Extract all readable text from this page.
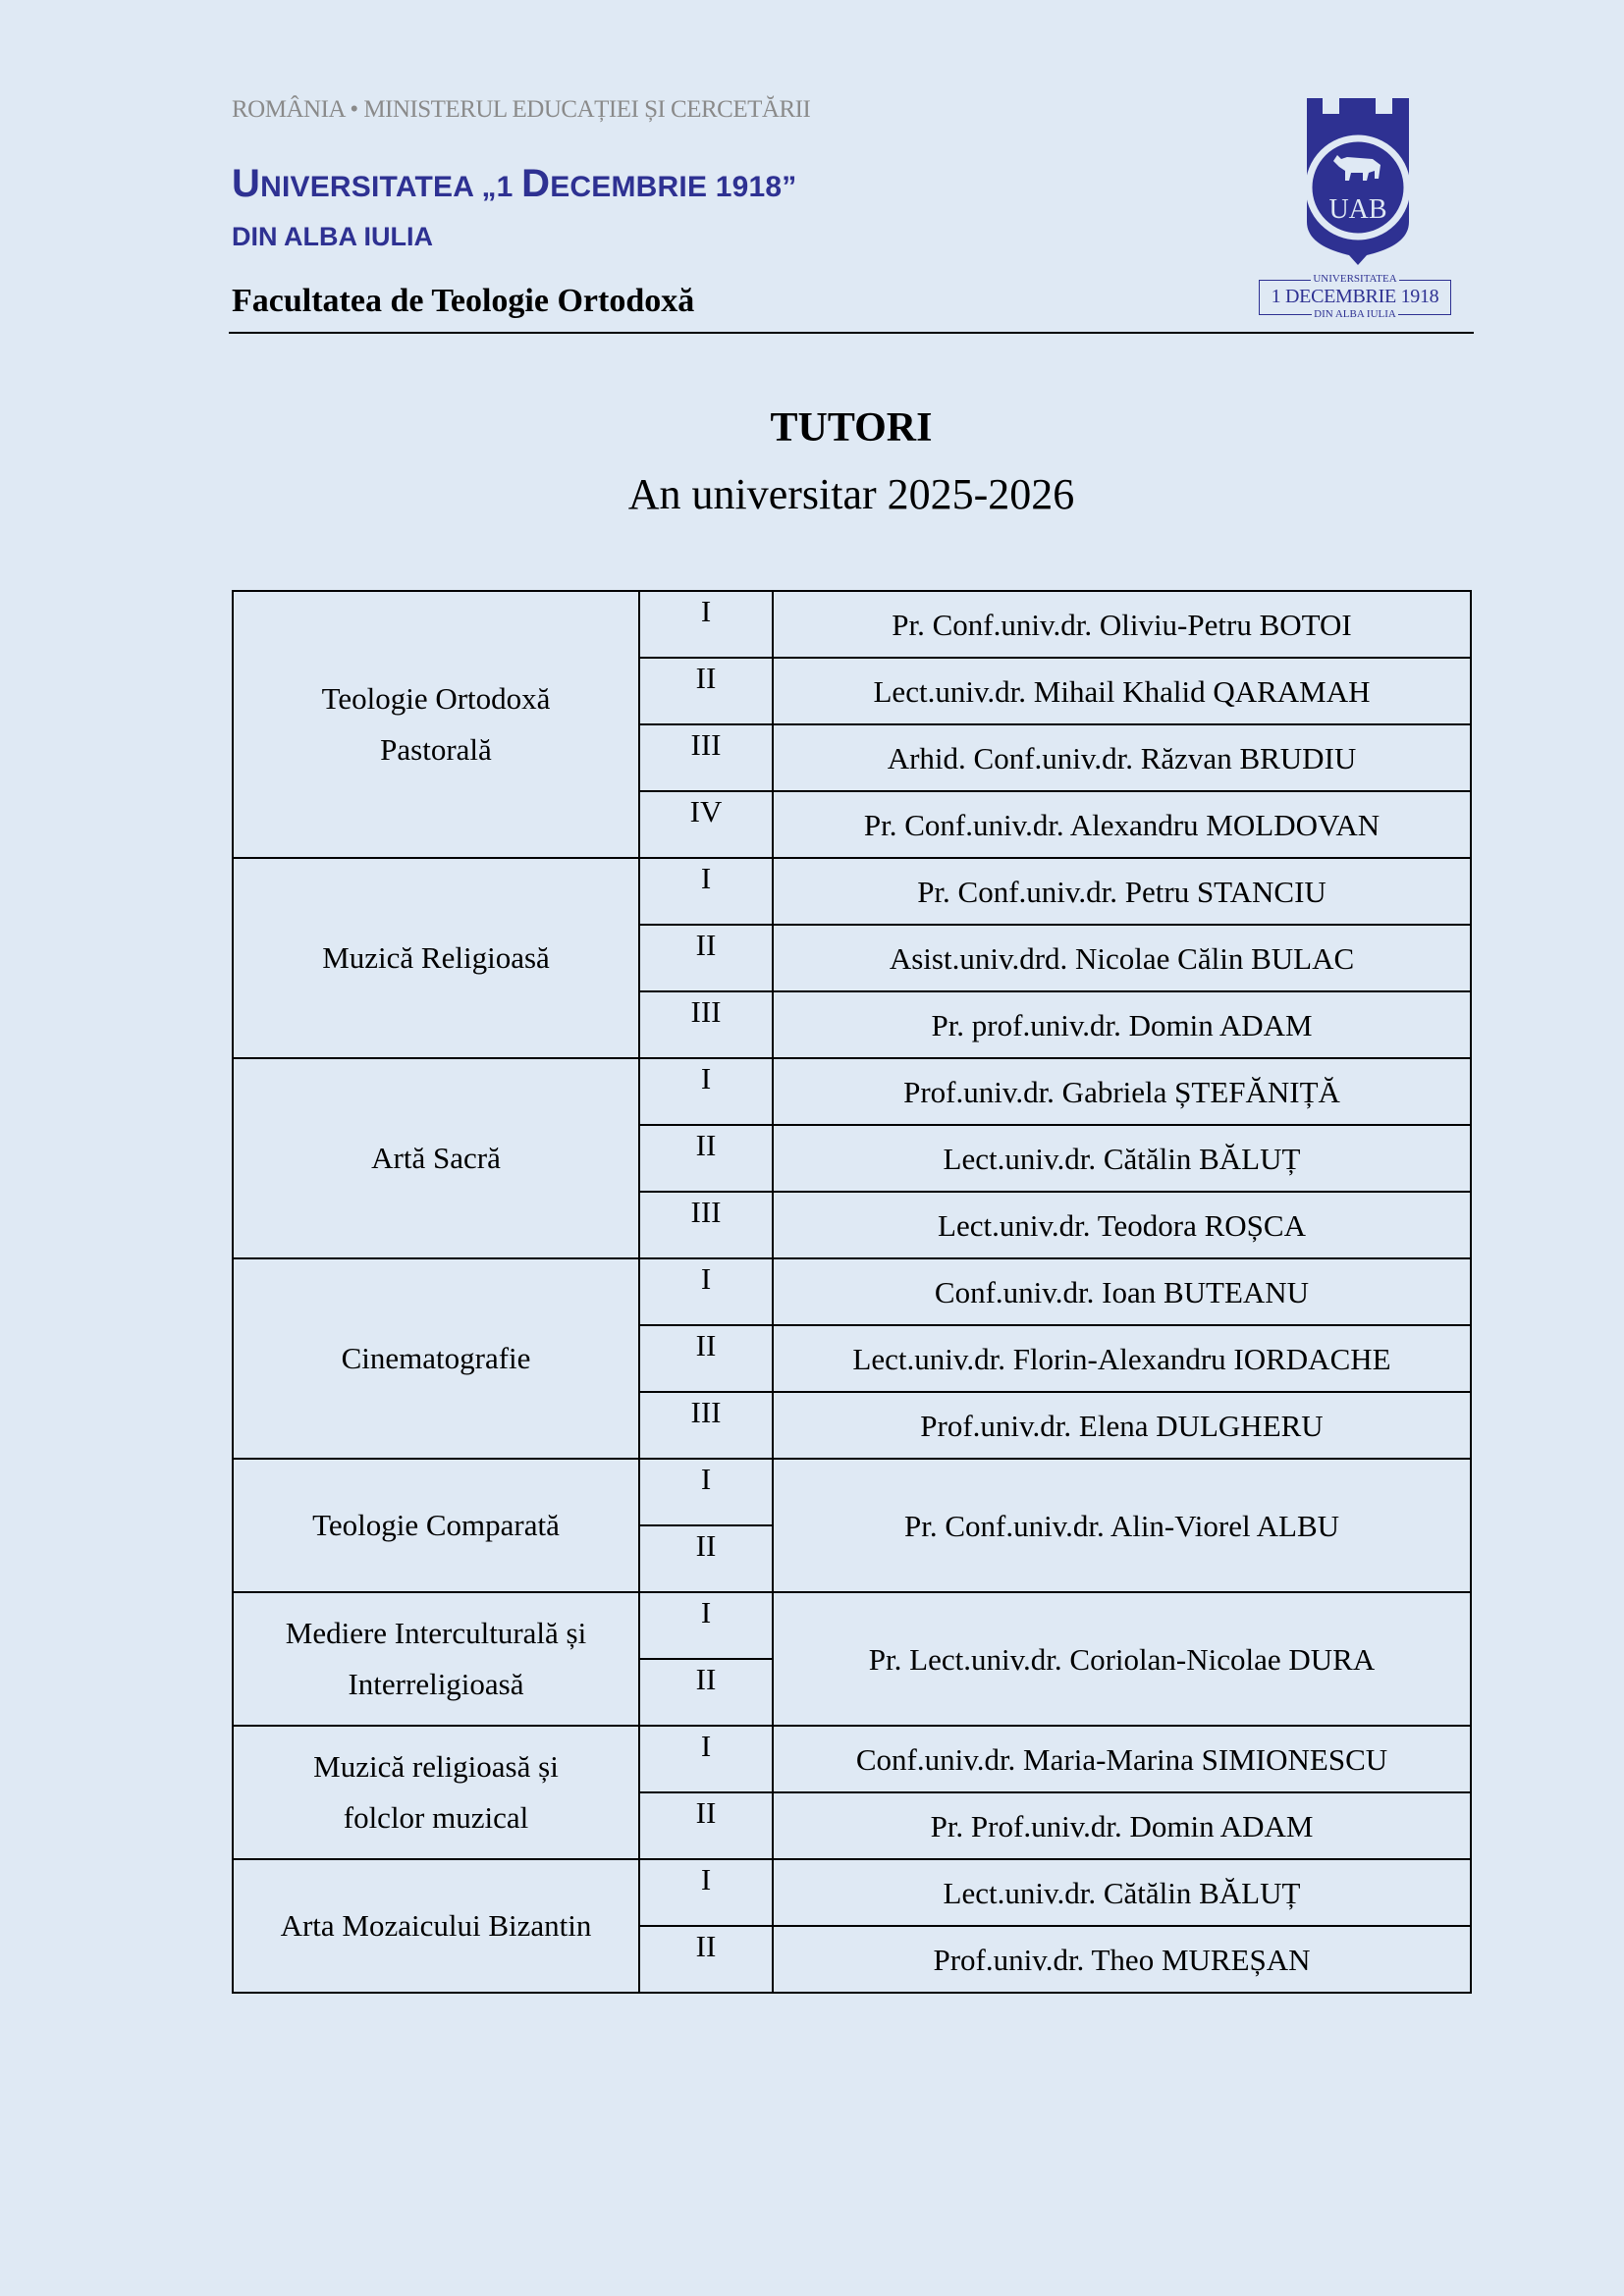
ROMÂNIA • MINISTERUL EDUCAȚIEI ȘI CERCETĂRII
UNIVERSITATEA „1 DECEMBRIE 1918”
DIN ALBA IULIA
Facultatea de Teologie Ortodoxă
UAB
UNIVERSITATEA
1 DECEMBRIE 1918
DIN ALBA IULIA
TUTORI
An universitar 2025-2026
Teologie Ortodoxă
Pastorală	I	Pr. Conf.univ.dr. Oliviu-Petru BOTOI
	II	Lect.univ.dr. Mihail Khalid QARAMAH
	III	Arhid. Conf.univ.dr. Răzvan BRUDIU
	IV	Pr. Conf.univ.dr. Alexandru MOLDOVAN

Muzică Religioasă	I	Pr. Conf.univ.dr. Petru STANCIU
	II	Asist.univ.drd. Nicolae Călin BULAC
	III	Pr. prof.univ.dr. Domin ADAM

Artă Sacră	I	Prof.univ.dr. Gabriela ȘTEFĂNIȚĂ
	II	Lect.univ.dr. Cătălin BĂLUȚ
	III	Lect.univ.dr. Teodora ROȘCA

Cinematografie	I	Conf.univ.dr. Ioan BUTEANU
	II	Lect.univ.dr. Florin-Alexandru IORDACHE
	III	Prof.univ.dr. Elena DULGHERU

Teologie Comparată	I	Pr. Conf.univ.dr. Alin-Viorel ALBU
	II	

Mediere Interculturală și
Interreligioasă	I	Pr. Lect.univ.dr. Coriolan-Nicolae DURA
	II	

Muzică religioasă și
folclor muzical	I	Conf.univ.dr. Maria-Marina SIMIONESCU
	II	Pr. Prof.univ.dr. Domin ADAM

Arta Mozaicului Bizantin	I	Lect.univ.dr. Cătălin BĂLUȚ
	II	Prof.univ.dr. Theo MUREȘAN
